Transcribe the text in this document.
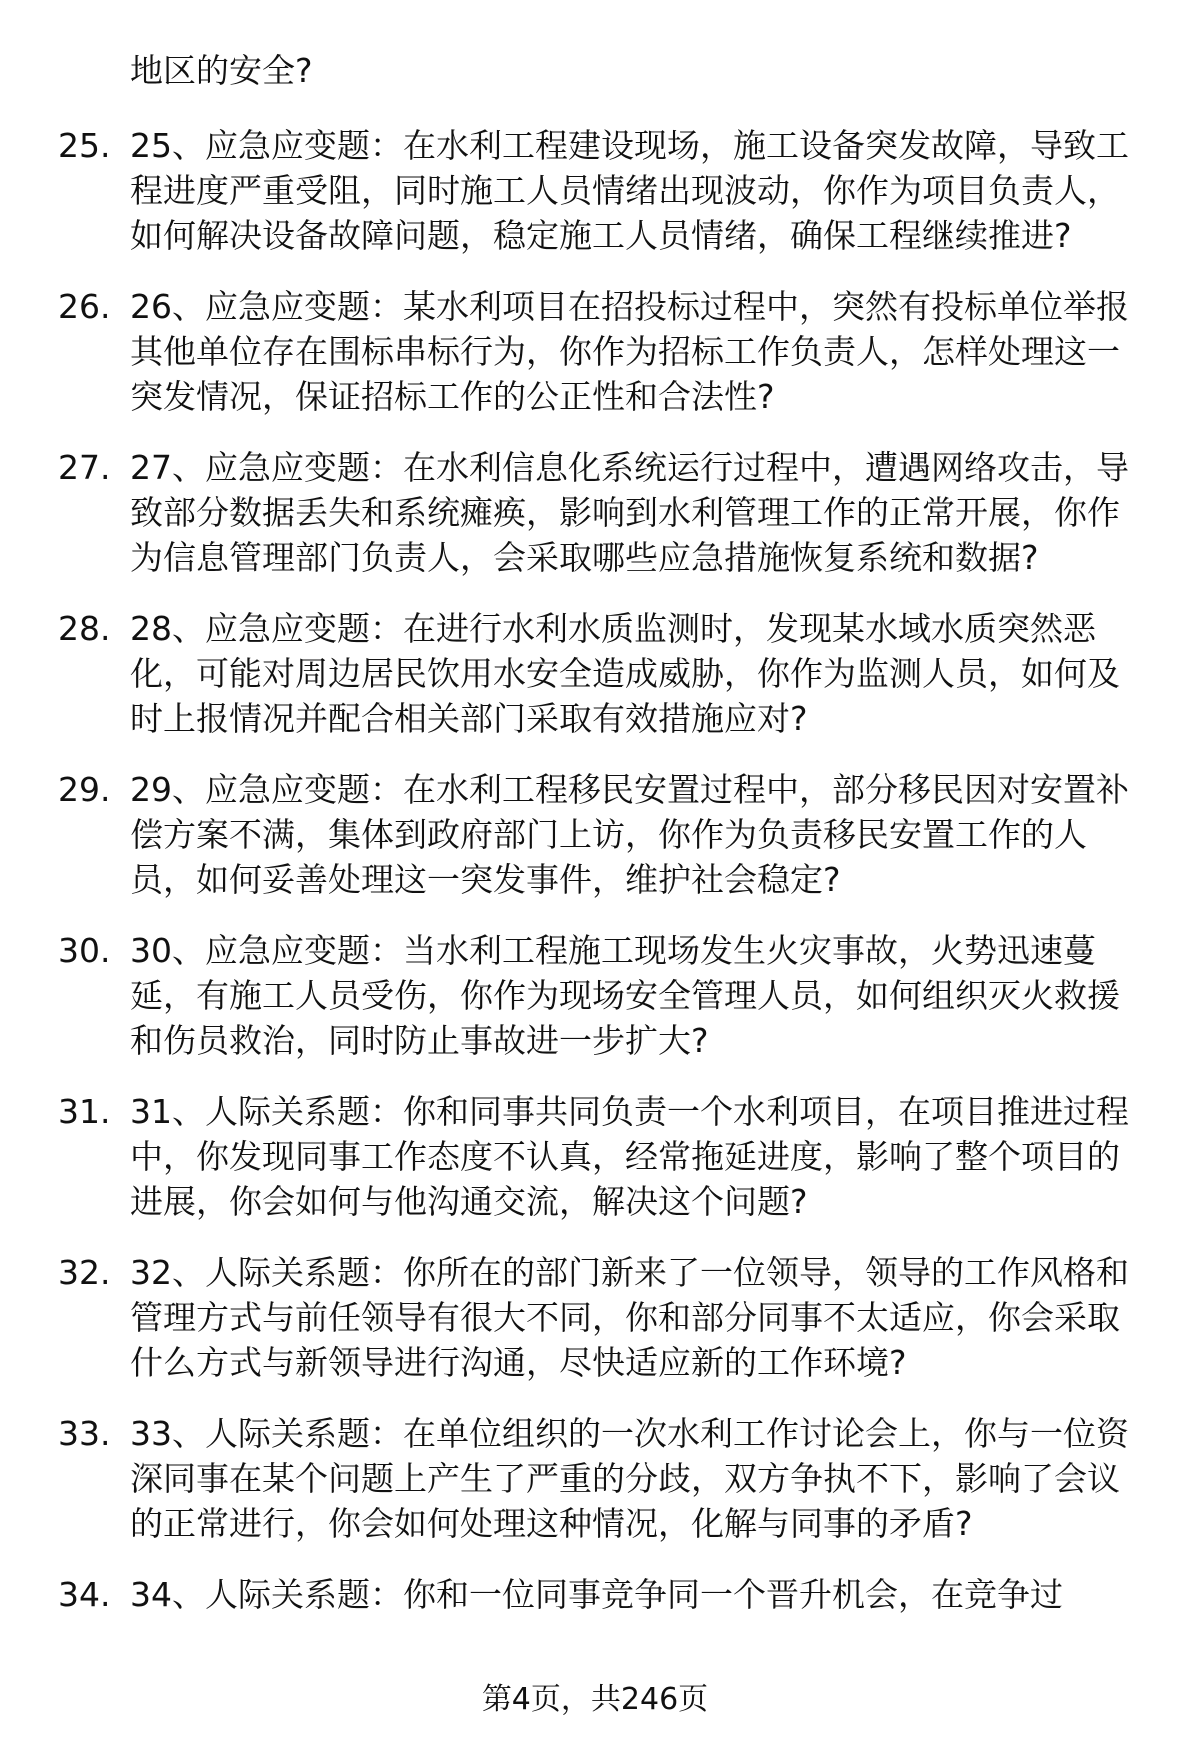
地区的安全?
25. 25、应急应变题：在水利工程建设现场，施工设备突发故障，导致工程进度严重受阻，同时施工人员情绪出现波动，你作为项目负责人，如何解决设备故障问题，稳定施工人员情绪，确保工程继续推进?
26. 26、应急应变题：某水利项目在招投标过程中，突然有投标单位举报其他单位存在围标串标行为，你作为招标工作负责人，怎样处理这一突发情况，保证招标工作的公正性和合法性?
27. 27、应急应变题：在水利信息化系统运行过程中，遭遇网络攻击，导致部分数据丢失和系统瘫痪，影响到水利管理工作的正常开展，你作为信息管理部门负责人，会采取哪些应急措施恢复系统和数据?
28. 28、应急应变题：在进行水利水质监测时，发现某水域水质突然恶化，可能对周边居民饮用水安全造成威胁，你作为监测人员，如何及时上报情况并配合相关部门采取有效措施应对?
29. 29、应急应变题：在水利工程移民安置过程中，部分移民因对安置补偿方案不满，集体到政府部门上访，你作为负责移民安置工作的人员，如何妥善处理这一突发事件，维护社会稳定?
30. 30、应急应变题：当水利工程施工现场发生火灾事故，火势迅速蔓延，有施工人员受伤，你作为现场安全管理人员，如何组织灭火救援和伤员救治，同时防止事故进一步扩大?
31. 31、人际关系题：你和同事共同负责一个水利项目，在项目推进过程中，你发现同事工作态度不认真，经常拖延进度，影响了整个项目的进展，你会如何与他沟通交流，解决这个问题?
32. 32、人际关系题：你所在的部门新来了一位领导，领导的工作风格和管理方式与前任领导有很大不同，你和部分同事不太适应，你会采取什么方式与新领导进行沟通，尽快适应新的工作环境?
33. 33、人际关系题：在单位组织的一次水利工作讨论会上，你与一位资深同事在某个问题上产生了严重的分歧，双方争执不下，影响了会议的正常进行，你会如何处理这种情况，化解与同事的矛盾?
34. 34、人际关系题：你和一位同事竞争同一个晋升机会，在竞争过
第4页，共246页
